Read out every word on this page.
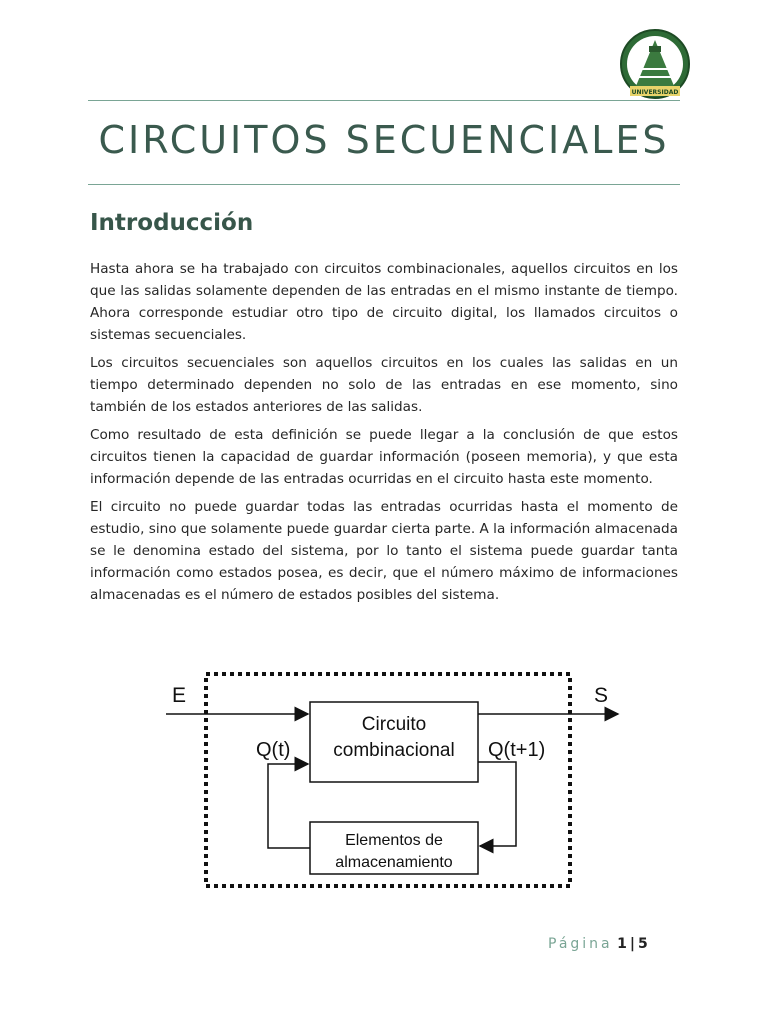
UNIVERSIDAD
CIRCUITOS SECUENCIALES
Introducción

Hasta ahora se ha trabajado con circuitos combinacionales, aquellos circuitos en los que las salidas solamente dependen de las entradas en el mismo instante de tiempo. Ahora corresponde estudiar otro tipo de circuito digital, los llamados circuitos o sistemas secuenciales.

Los circuitos secuenciales son aquellos circuitos en los cuales las salidas en un tiempo determinado dependen no solo de las entradas en ese momento, sino también de los estados anteriores de las salidas.

Como resultado de esta definición se puede llegar a la conclusión de que estos circuitos tienen la capacidad de guardar información (poseen memoria), y que esta información depende de las entradas ocurridas en el circuito hasta este momento.

El circuito no puede guardar todas las entradas ocurridas hasta el momento de estudio, sino que solamente puede guardar cierta parte. A la información almacenada se le denomina estado del sistema, por lo tanto el sistema puede guardar tanta información como estados posea, es decir, que el número máximo de informaciones almacenadas es el número de estados posibles del sistema.

Circuito
combinacional
Elementos de
almacenamiento
E	S
Q(t+1)
Q(t)
Página 1 | 5
